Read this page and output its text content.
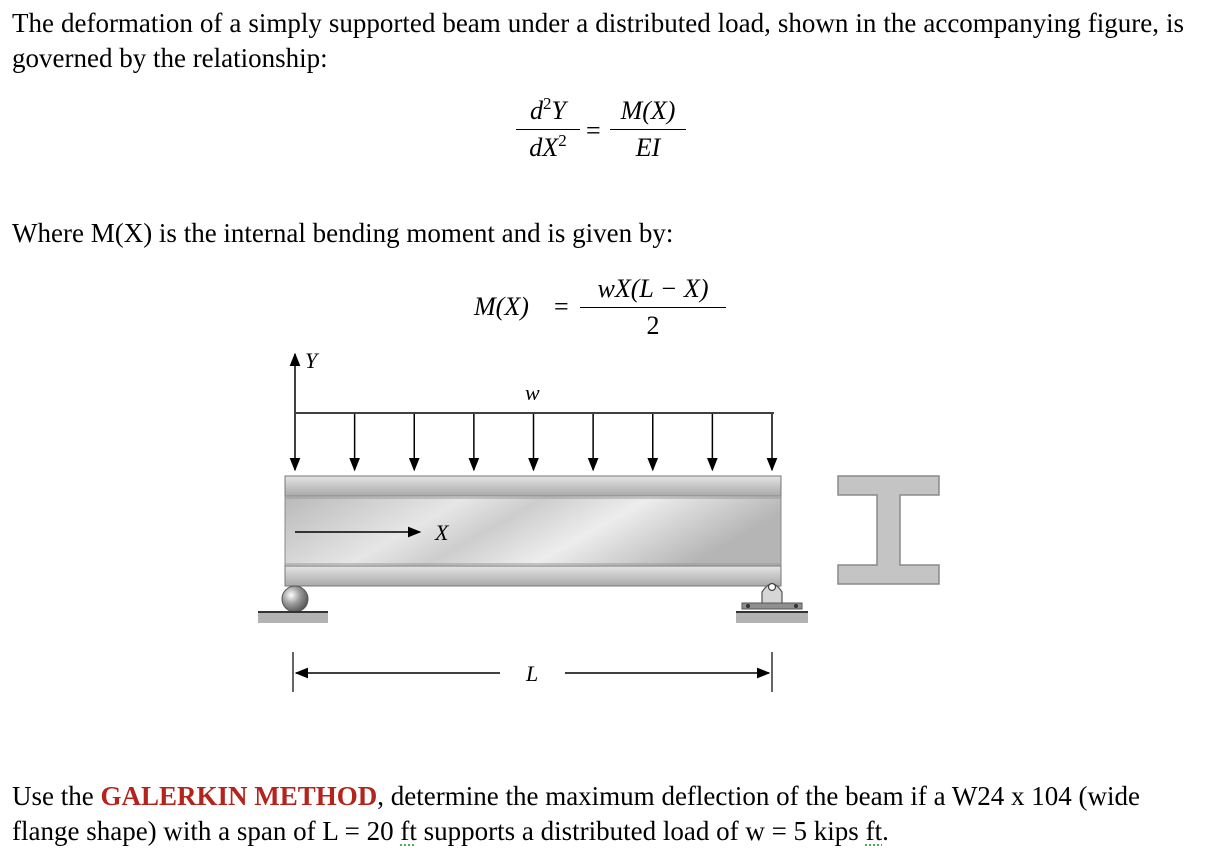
The deformation of a simply supported beam under a distributed load, shown in the accompanying figure, is governed by the relationship:
$\frac{d^2Y}{dX^2} = \frac{M(X)}{EI}$
Where M(X) is the internal bending moment and is given by:
$M(X) = \frac{wX(L - X)}{2}$
Y
w
X
L
Use the GALERKIN METHOD, determine the maximum deflection of the beam if a W24 x 104 (wide flange shape) with a span of L = 20 ft supports a distributed load of w = 5 kips ft.
